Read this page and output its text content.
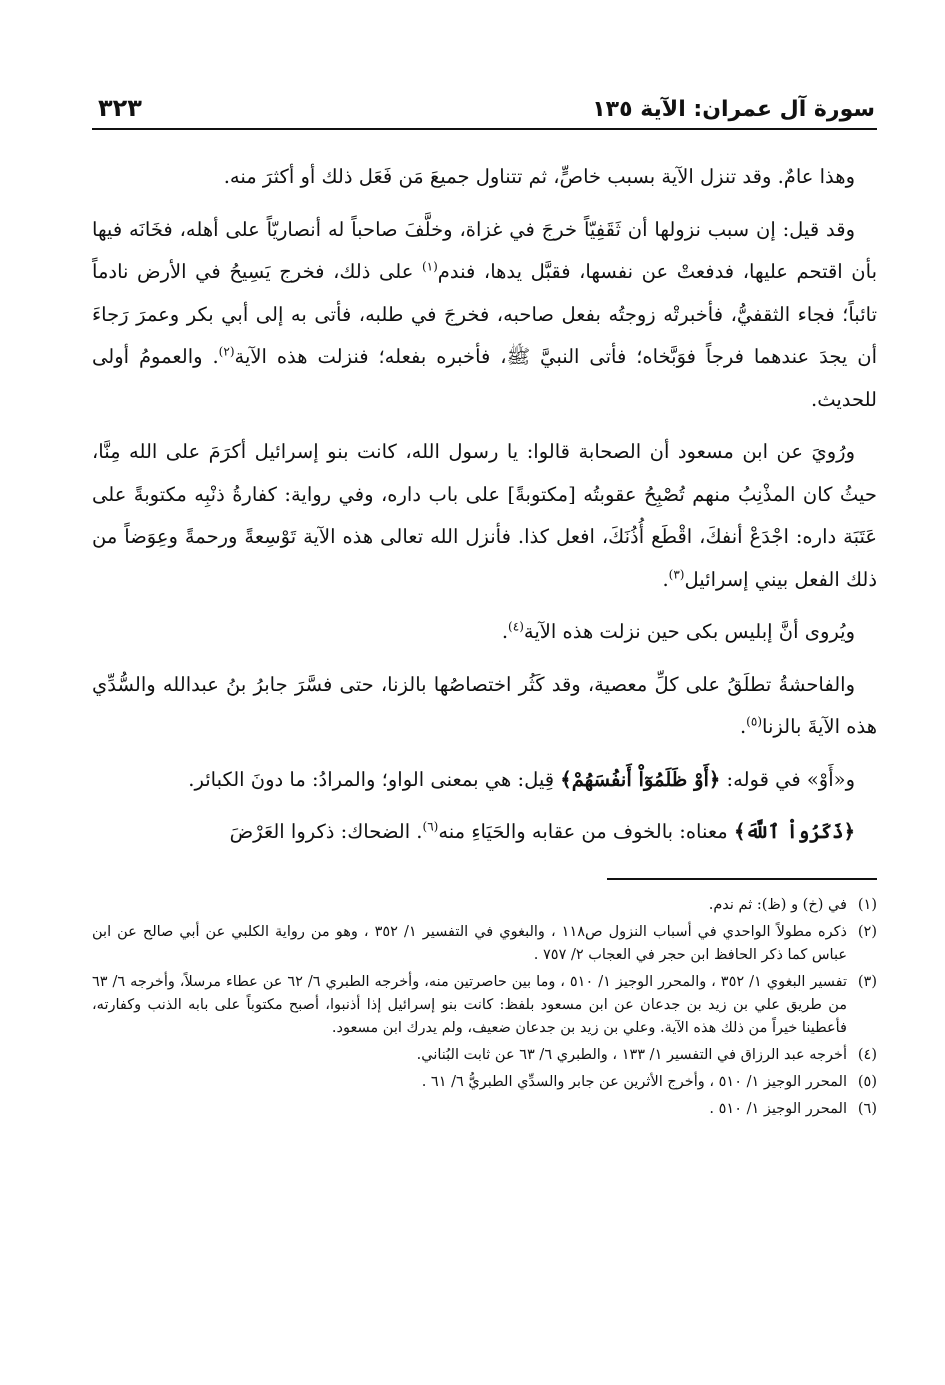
سورة آل عمران: الآية ١٣٥
٣٢٣

وهذا عامٌ. وقد تنزل الآية بسبب خاصٍّ، ثم تتناول جميعَ مَن فَعَل ذلك أو أكثرَ منه.

وقد قيل: إن سبب نزولها أن ثَقَفِيّاً خرجَ في غزاة، وخلَّفَ صاحباً له أنصاريّاً على أهله، فخَانَه فيها بأن اقتحم عليها، فدفعتْ عن نفسها، فقبَّل يدها، فندم$^{(١)}$ على ذلك، فخرج يَسِيحُ في الأرض نادماً تائباً؛ فجاء الثقفيُّ، فأخبرتْه زوجتُه بفعل صاحبه، فخرجَ في طلبه، فأتى به إلى أبي بكر وعمرَ رَجاءَ أن يجدَ عندهما فرجاً فوَبَّخاه؛ فأتى النبيَّ ﷺ، فأخبره بفعله؛ فنزلت هذه الآية$^{(٢)}$. والعمومُ أولى للحديث.

ورُويَ عن ابن مسعود أن الصحابة قالوا: يا رسول الله، كانت بنو إسرائيل أكرَمَ على الله مِنَّا، حيثُ كان المذْنِبُ منهم تُصْبِحُ عقوبتُه [مكتوبةً] على باب داره، وفي رواية: كفارةُ ذنْبِه مكتوبةً على عَتَبَة داره: اجْدَعْ أنفكَ، اقْطَع أُذُنَكَ، افعل كذا. فأنزل الله تعالى هذه الآية تَوْسِعةً ورحمةً وعِوَضاً من ذلك الفعل بيني إسرائيل$^{(٣)}$.

ويُروى أنَّ إبليس بكى حين نزلت هذه الآية$^{(٤)}$.

والفاحشةُ تطلَقُ على كلِّ معصية، وقد كَثُر اختصاصُها بالزنا، حتى فسَّرَ جابرُ بنُ عبدالله والسُّدِّي هذه الآيةَ بالزنا$^{(٥)}$.

و«أَوْ» في قوله: ﴿أَوْ ظَلَمُوٓاْ أَنفُسَهُمْ﴾ قِيل: هي بمعنى الواو؛ والمرادُ: ما دونَ الكبائر.

﴿ذَكَرُواْ ٱللَّهَ﴾ معناه: بالخوف من عقابه والحَيَاءِ منه$^{(٦)}$. الضحاك: ذكروا العَرْضَ

(١)
في (خ) و (ظ): ثم ندم.
(٢)
ذكره مطولاً الواحدي في أسباب النزول ص١١٨ ، والبغوي في التفسير ١/ ٣٥٢ ، وهو من رواية الكلبي عن أبي صالح عن ابن عباس كما ذكر الحافظ ابن حجر في العجاب ٢/ ٧٥٧ .
(٣)
تفسير البغوي ١/ ٣٥٢ ، والمحرر الوجيز ١/ ٥١٠ ، وما بين حاصرتين منه، وأخرجه الطبري ٦/ ٦٢ عن عطاء مرسلاً، وأخرجه ٦/ ٦٣ من طريق علي بن زيد بن جدعان عن ابن مسعود بلفظ: كانت بنو إسرائيل إذا أذنبوا، أصبح مكتوباً على بابه الذنب وكفارته، فأعطينا خيراً من ذلك هذه الآية. وعلي بن زيد بن جدعان ضعيف، ولم يدرك ابن مسعود.
(٤)
أخرجه عبد الرزاق في التفسير ١/ ١٣٣ ، والطبري ٦/ ٦٣ عن ثابت البُناني.
(٥)
المحرر الوجيز ١/ ٥١٠ ، وأخرج الأثرين عن جابر والسدِّي الطبريُّ ٦/ ٦١ .
(٦)
المحرر الوجيز ١/ ٥١٠ .
